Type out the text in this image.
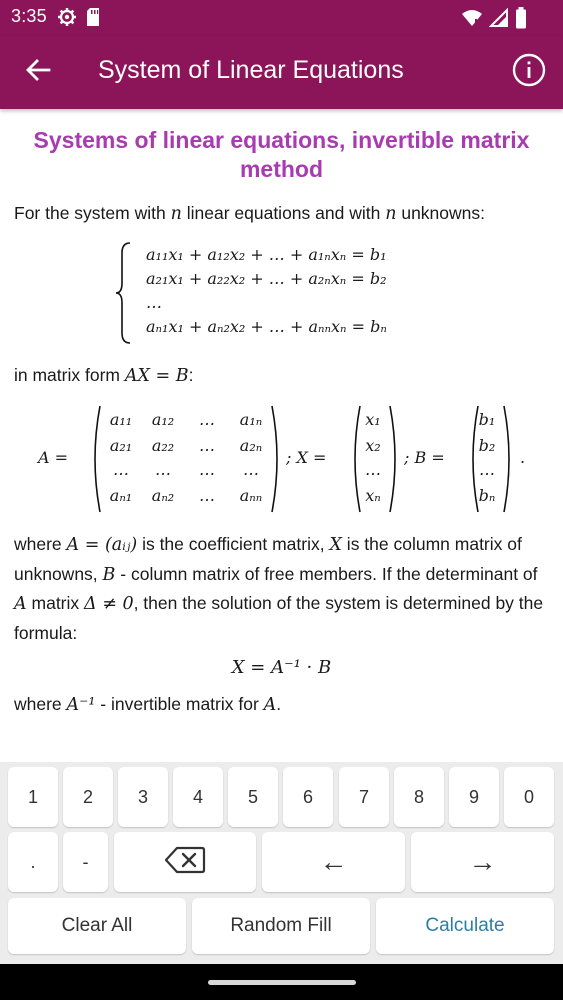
3:35
System of Linear Equations
Systems of linear equations, invertible matrix method

For the system with n linear equations and with n unknowns:

a₁₁x₁ + a₁₂x₂ + … + a₁ₙxₙ = b₁
a₂₁x₁ + a₂₂x₂ + … + a₂ₙxₙ = b₂
…
aₙ₁x₁ + aₙ₂x₂ + … + aₙₙxₙ = bₙ

in matrix form AX = B:

A =
a₁₁	a₁₂	…	a₁ₙ
a₂₁	a₂₂	…	a₂ₙ
…	…	…	…
aₙ₁	aₙ₂	…	aₙₙ
; X =
x₁
x₂
…
xₙ
; B =
b₁
b₂
…
bₙ
.

where A = (aᵢⱼ) is the coefficient matrix, X is the column matrix of unknowns, B - column matrix of free members. If the determinant of A matrix Δ ≠ 0, then the solution of the system is determined by the formula:

X = A⁻¹ · B

where A⁻¹ - invertible matrix for A.

1	2	3	4	5	6	7	8	9	0
.	-	←	→
Clear All	Random Fill	Calculate
